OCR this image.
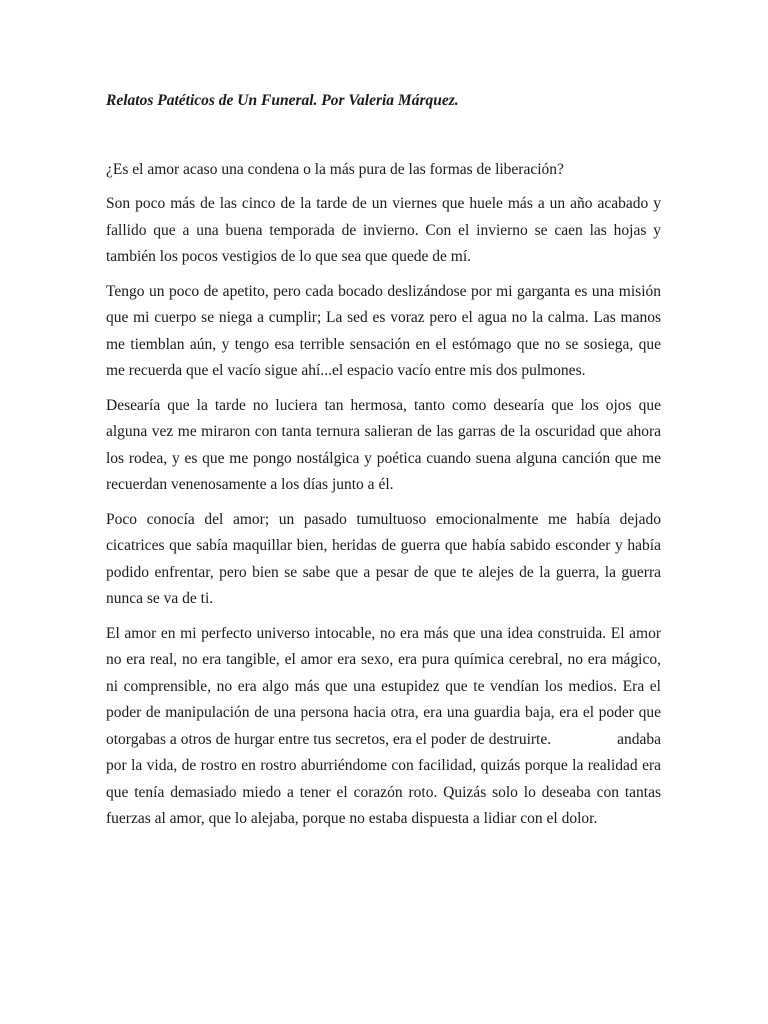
Relatos Patéticos de Un Funeral. Por Valeria Márquez.

¿Es el amor acaso una condena o la más pura de las formas de liberación?

Son poco más de las cinco de la tarde de un viernes que huele más a un año acabado y fallido que a una buena temporada de invierno. Con el invierno se caen las hojas y también los pocos vestigios de lo que sea que quede de mí.

Tengo un poco de apetito, pero cada bocado deslizándose por mi garganta es una misión que mi cuerpo se niega a cumplir; La sed es voraz pero el agua no la calma. Las manos me tiemblan aún, y tengo esa terrible sensación en el estómago que no se sosiega, que me recuerda que el vacío sigue ahí...el espacio vacío entre mis dos pulmones.

Desearía que la tarde no luciera tan hermosa, tanto como desearía que los ojos que alguna vez me miraron con tanta ternura salieran de las garras de la oscuridad que ahora los rodea, y es que me pongo nostálgica y poética cuando suena alguna canción que me recuerdan venenosamente a los días junto a él.

Poco conocía del amor; un pasado tumultuoso emocionalmente me había dejado cicatrices que sabía maquillar bien, heridas de guerra que había sabido esconder y había podido enfrentar, pero bien se sabe que a pesar de que te alejes de la guerra, la guerra nunca se va de ti.

El amor en mi perfecto universo intocable, no era más que una idea construida. El amor no era real, no era tangible, el amor era sexo, era pura química cerebral, no era mágico, ni comprensible, no era algo más que una estupidez que te vendían los medios. Era el poder de manipulación de una persona hacia otra, era una guardia baja, era el poder que otorgabas a otros de hurgar entre tus secretos, era el poder de destruirte.	andaba por la vida, de rostro en rostro aburriéndome con facilidad, quizás porque la realidad era que tenía demasiado miedo a tener el corazón roto. Quizás solo lo deseaba con tantas fuerzas al amor, que lo alejaba, porque no estaba dispuesta a lidiar con el dolor.
